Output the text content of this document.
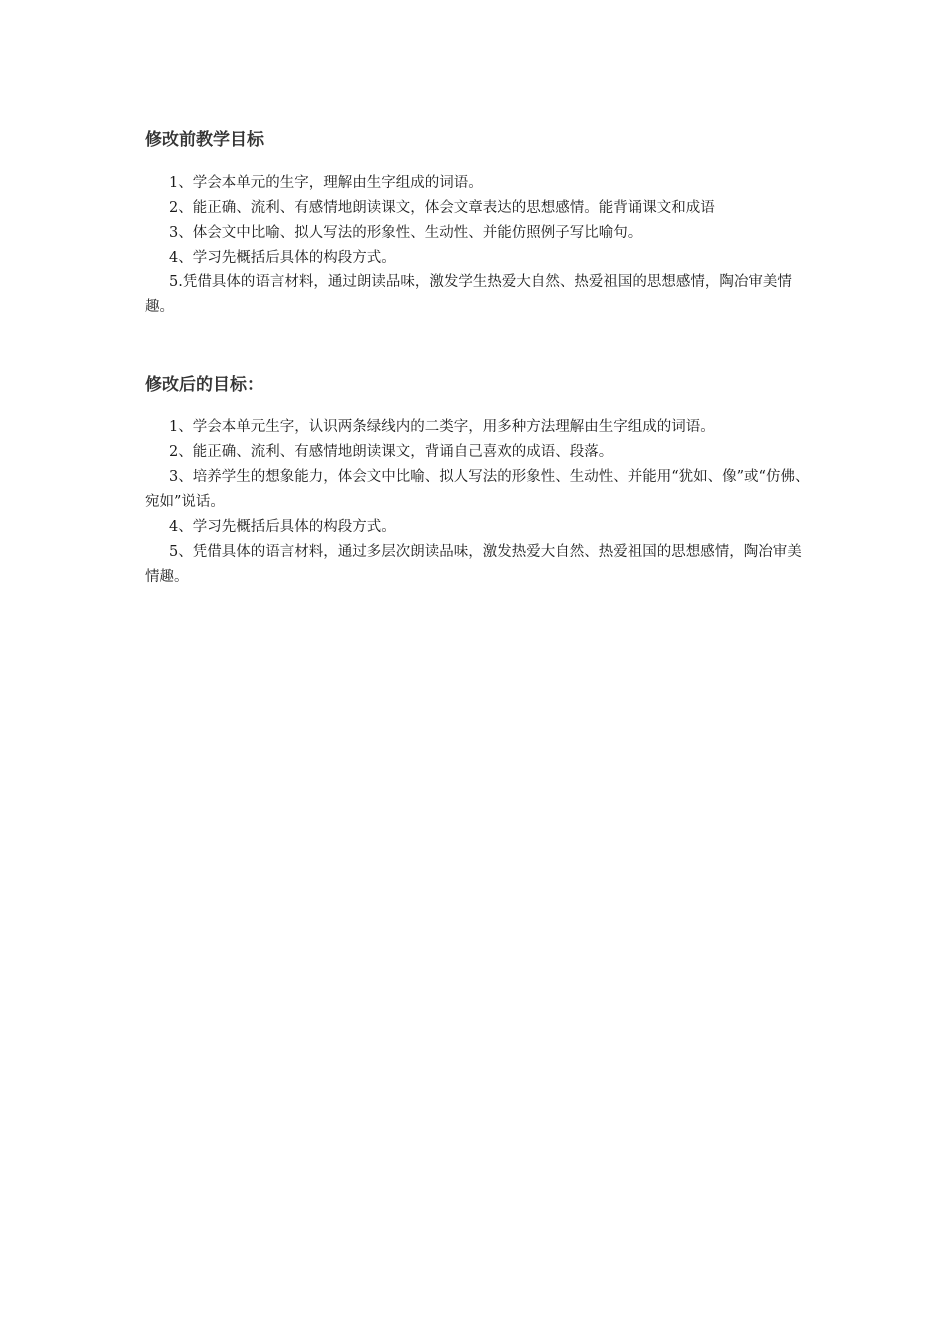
修改前教学目标

1、学会本单元的生字，理解由生字组成的词语。

2、能正确、流利、有感情地朗读课文，体会文章表达的思想感情。能背诵课文和成语

3、体会文中比喻、拟人写法的形象性、生动性、并能仿照例子写比喻句。

4、学习先概括后具体的构段方式。

5.凭借具体的语言材料，通过朗读品味，激发学生热爱大自然、热爱祖国的思想感情，陶冶审美情趣。

修改后的目标：

1、学会本单元生字，认识两条绿线内的二类字，用多种方法理解由生字组成的词语。

2、能正确、流利、有感情地朗读课文，背诵自己喜欢的成语、段落。

3、培养学生的想象能力，体会文中比喻、拟人写法的形象性、生动性、并能用“犹如、像”或“仿佛、宛如”说话。

4、学习先概括后具体的构段方式。

5、凭借具体的语言材料，通过多层次朗读品味，激发热爱大自然、热爱祖国的思想感情，陶冶审美情趣。
